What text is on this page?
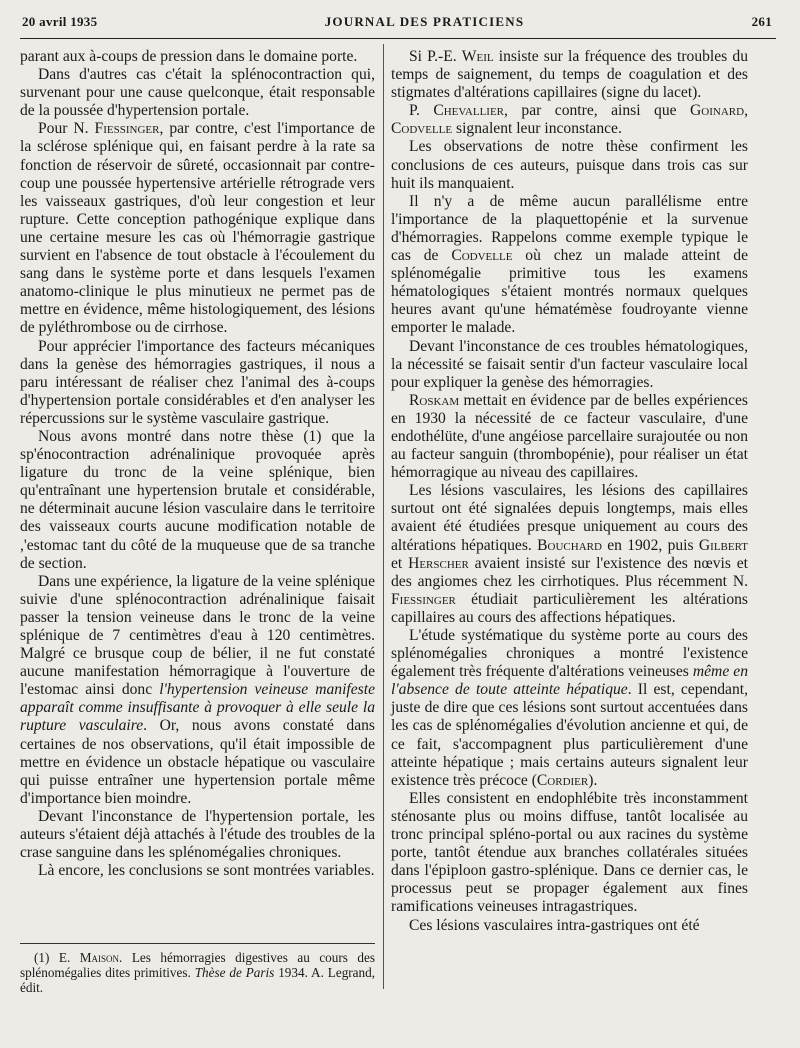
20 avril 1935	JOURNAL DES PRATICIENS	261

parant aux à-coups de pression dans le domaine porte.

Dans d'autres cas c'était la splénocontraction qui, survenant pour une cause quelconque, était responsable de la poussée d'hypertension portale.

Pour N. Fiessinger, par contre, c'est l'importance de la sclérose splénique qui, en faisant perdre à la rate sa fonction de réservoir de sûreté, occasionnait par contre-coup une poussée hypertensive artérielle rétrograde vers les vaisseaux gastriques, d'où leur congestion et leur rupture. Cette conception pathogénique explique dans une certaine mesure les cas où l'hémorragie gastrique survient en l'absence de tout obstacle à l'écoulement du sang dans le système porte et dans lesquels l'examen anatomo-clinique le plus minutieux ne permet pas de mettre en évidence, même histologiquement, des lésions de pyléthrombose ou de cirrhose.

Pour apprécier l'importance des facteurs mécaniques dans la genèse des hémorragies gastriques, il nous a paru intéressant de réaliser chez l'animal des à-coups d'hypertension portale considérables et d'en analyser les répercussions sur le système vasculaire gastrique.

Nous avons montré dans notre thèse (1) que la sp'énocontraction adrénalinique provoquée après ligature du tronc de la veine splénique, bien qu'entraînant une hypertension brutale et considérable, ne déterminait aucune lésion vasculaire dans le territoire des vaisseaux courts aucune modification notable de ,'estomac tant du côté de la muqueuse que de sa tranche de section.

Dans une expérience, la ligature de la veine splénique suivie d'une splénocontraction adrénalinique faisait passer la tension veineuse dans le tronc de la veine splénique de 7 centimètres d'eau à 120 centimètres. Malgré ce brusque coup de bélier, il ne fut constaté aucune manifestation hémorragique à l'ouverture de l'estomac ainsi donc l'hypertension veineuse manifeste apparaît comme insuffisante à provoquer à elle seule la rupture vasculaire. Or, nous avons constaté dans certaines de nos observations, qu'il était impossible de mettre en évidence un obstacle hépatique ou vasculaire qui puisse entraîner une hypertension portale même d'importance bien moindre.

Devant l'inconstance de l'hypertension portale, les auteurs s'étaient déjà attachés à l'étude des troubles de la crase sanguine dans les splénomégalies chroniques.

Là encore, les conclusions se sont montrées variables.

(1) E. Maison. Les hémorragies digestives au cours des splénomégalies dites primitives. Thèse de Paris 1934. A. Legrand, édit.

Si P.-E. Weil insiste sur la fréquence des troubles du temps de saignement, du temps de coagulation et des stigmates d'altérations capillaires (signe du lacet).

P. Chevallier, par contre, ainsi que Goinard, Codvelle signalent leur inconstance.

Les observations de notre thèse confirment les conclusions de ces auteurs, puisque dans trois cas sur huit ils manquaient.

Il n'y a de même aucun parallélisme entre l'importance de la plaquettopénie et la survenue d'hémorragies. Rappelons comme exemple typique le cas de Codvelle où chez un malade atteint de splénomégalie primitive tous les examens hématologiques s'étaient montrés normaux quelques heures avant qu'une hématémèse foudroyante vienne emporter le malade.

Devant l'inconstance de ces troubles hématologiques, la nécessité se faisait sentir d'un facteur vasculaire local pour expliquer la genèse des hémorragies.

Roskam mettait en évidence par de belles expériences en 1930 la nécessité de ce facteur vasculaire, d'une endothélüte, d'une angéiose parcellaire surajoutée ou non au facteur sanguin (thrombopénie), pour réaliser un état hémorragique au niveau des capillaires.

Les lésions vasculaires, les lésions des capillaires surtout ont été signalées depuis longtemps, mais elles avaient été étudiées presque uniquement au cours des altérations hépatiques. Bouchard en 1902, puis Gilbert et Herscher avaient insisté sur l'existence des nœvis et des angiomes chez les cirrhotiques. Plus récemment N. Fiessinger étudiait particulièrement les altérations capillaires au cours des affections hépatiques.

L'étude systématique du système porte au cours des splénomégalies chroniques a montré l'existence également très fréquente d'altérations veineuses même en l'absence de toute atteinte hépatique. Il est, cependant, juste de dire que ces lésions sont surtout accentuées dans les cas de splénomégalies d'évolution ancienne et qui, de ce fait, s'accompagnent plus particulièrement d'une atteinte hépatique ; mais certains auteurs signalent leur existence très précoce (Cordier).

Elles consistent en endophlébite très inconstamment sténosante plus ou moins diffuse, tantôt localisée au tronc principal spléno-portal ou aux racines du système porte, tantôt étendue aux branches collatérales situées dans l'épiploon gastro-splénique. Dans ce dernier cas, le processus peut se propager également aux fines ramifications veineuses intragastriques.

Ces lésions vasculaires intra-gastriques ont été
